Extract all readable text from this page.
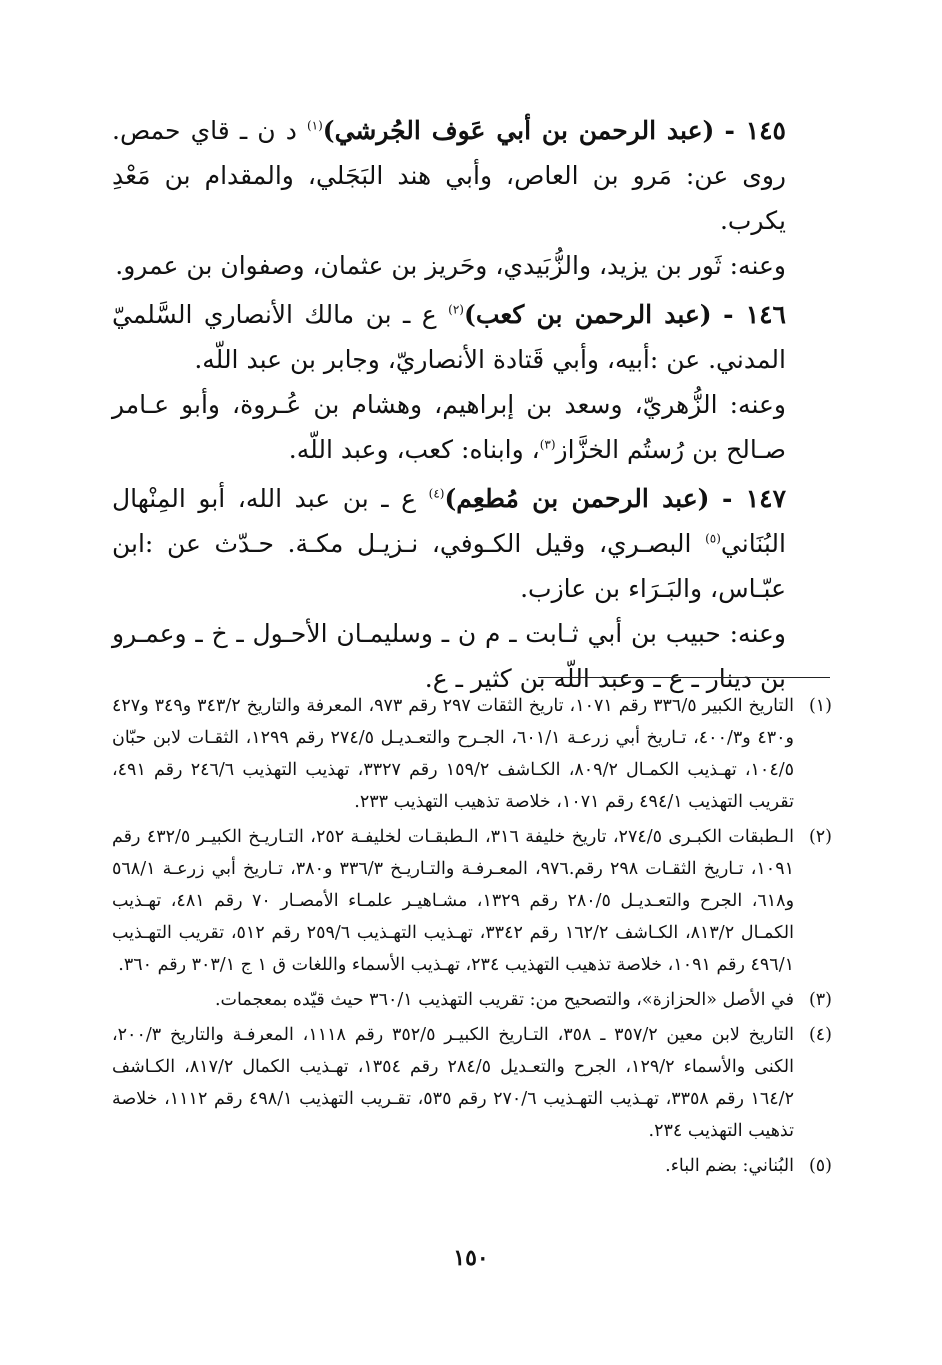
١٤٥ - (عبد الرحمن بن أبي عَوف الجُرشي)$^{(١)}$ د ن ـ قاي حمص. روى عن: مَرو بن العاص، وأبي هند البَجَلي، والمقدام بن مَعْدِ يكرب.

وعنه: ثَور بن يزيد، والزُّبَيدي، وحَريز بن عثمان، وصفوان بن عمرو.

١٤٦ - (عبد الرحمن بن كعب)$^{(٢)}$ ع ـ بن مالك الأنصاري السَّلميّ المدني. عن :أبيه، وأبي قَتادة الأنصاريّ، وجابر بن عبد اللّه.

وعنه: الزُّهريّ، وسعد بن إبراهيم، وهشام بن عُـروة، وأبو عـامر صـالح بن رُستُم الخزَّاز$^{(٣)}$، وابناه: كعب، وعبد اللّه.

١٤٧ - (عبد الرحمن بن مُطعِم)$^{(٤)}$ ع ـ بن عبد الله، أبو المِنْهال البُنَاني$^{(٥)}$ البصـري، وقيل الكـوفي، نـزيـل مكـة. حـدّث عن :ابن عبّـاس، والبَـرَاء بن عازب.

وعنه: حبيب بن أبي ثـابت ـ م ن ـ وسليمـان الأحـول ـ خ ـ وعمـرو بن دينار ـ ع ـ وعبد اللّه بن كثير ـ ع.

(١)
التاريخ الكبير ٣٣٦/٥ رقم ١٠٧١، تاريخ الثقات ٢٩٧ رقم ٩٧٣، المعرفة والتاريخ ٣٤٣/٢ و٣٤٩ و٤٢٧ و٤٣٠ و٤٠٠/٣، تـاريخ أبي زرعـة ٦٠١/١، الجـرح والتعـديـل ٢٧٤/٥ رقم ١٢٩٩، الثقـات لابن حبّان ١٠٤/٥، تهـذيب الكمـال ٨٠٩/٢، الكـاشف ١٥٩/٢ رقم ٣٣٢٧، تهذيب التهذيب ٢٤٦/٦ رقم ٤٩١، تقريب التهذيب ٤٩٤/١ رقم ١٠٧١، خلاصة تذهيب التهذيب ٢٣٣.
(٢)
الـطبقات الكبـرى ٢٧٤/٥، تاريخ خليفة ٣١٦، الـطبقـات لخليفـة ٢٥٢، التـاريـخ الكبيـر ٤٣٢/٥ رقم ١٠٩١، تـاريخ الثقـات ٢٩٨ رقم.٩٧٦، المعـرفـة والتـاريـخ ٣٣٦/٣ و٣٨٠، تـاريخ أبي زرعـة ٥٦٨/١ و٦١٨، الجرح والتعـديـل ٢٨٠/٥ رقم ١٣٢٩، مشـاهيـر علمـاء الأمصـار ٧٠ رقم ٤٨١، تهـذيب الكمـال ٨١٣/٢، الكـاشف ١٦٢/٢ رقم ٣٣٤٢، تهـذيب التهـذيب ٢٥٩/٦ رقم ٥١٢، تقريب التهـذيب ٤٩٦/١ رقم ١٠٩١، خلاصة تذهيب التهذيب ٢٣٤، تهـذيب الأسماء واللغات ق ١ ج ٣٠٣/١ رقم ٣٦٠.
(٣)
في الأصل «الحزازة»، والتصحيح من: تقريب التهذيب ٣٦٠/١ حيث قيّده بمعجمات.
(٤)
التاريخ لابن معين ٣٥٧/٢ ـ ٣٥٨، التـاريخ الكبيـر ٣٥٢/٥ رقم ١١١٨، المعرفـة والتاريخ ٢٠٠/٣، الكنى والأسماء ١٢٩/٢، الجرح والتعـديل ٢٨٤/٥ رقم ١٣٥٤، تهـذيب الكمال ٨١٧/٢، الكـاشف ١٦٤/٢ رقم ٣٣٥٨، تهـذيب التهـذيب ٢٧٠/٦ رقم ٥٣٥، تقـريب التهذيب ٤٩٨/١ رقم ١١١٢، خلاصة تذهيب التهذيب ٢٣٤.
(٥)
البُناني: بضم الباء.
١٥٠
